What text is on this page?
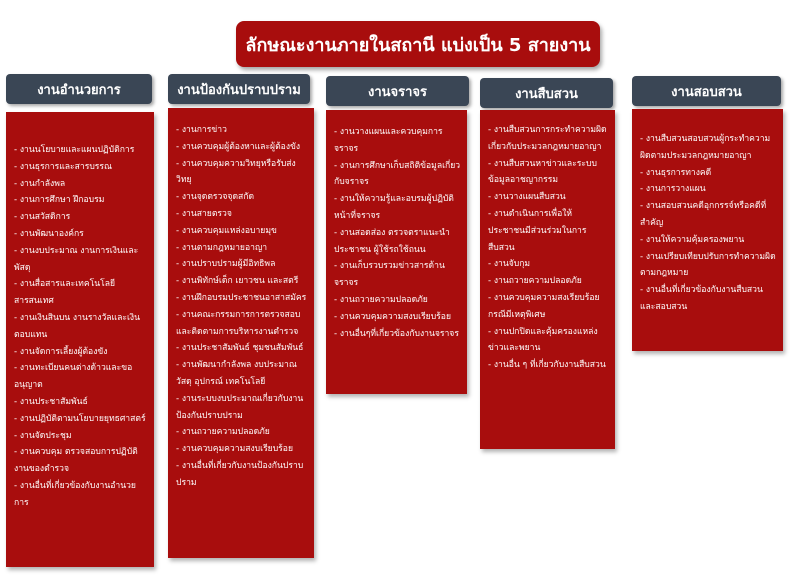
ลักษณะงานภายในสถานี แบ่งเป็น 5 สายงาน
งานอำนวยการ
- งานนโยบายและแผนปฏิบัติการ
- งานธุรการและสารบรรณ
- งานกำลังพล
- งานการศึกษา ฝึกอบรม
- งานสวัสดิการ
- งานพัฒนาองค์กร
- งานงบประมาณ งานการเงินและพัสดุ
- งานสื่อสารและเทคโนโลยีสารสนเทศ
- งานเงินสินบน งานรางวัลและเงินตอบแทน
- งานจัดการเลี้ยงผู้ต้องขัง
- งานทะเบียนคนต่างด้าวและขออนุญาต
- งานประชาสัมพันธ์
- งานปฏิบัติตามนโยบายยุทธศาสตร์
- งานจัดประชุม
- งานควบคุม ตรวจสอบการปฏิบัติงานของตำรวจ
- งานอื่นที่เกี่ยวข้องกับงานอำนวยการ
งานป้องกันปราบปราม
- งานการข่าว
- งานควบคุมผู้ต้องหาและผู้ต้องขัง
- งานควบคุมความวิทยุหรือรับส่งวิทยุ
- งานจุดตรวจจุดสกัด
- งานสายตรวจ
- งานควบคุมแหล่งอบายมุข
- งานตามกฎหมายอาญา
- งานปราบปรามผู้มีอิทธิพล
- งานพิทักษ์เด็ก เยาวชน และสตรี
- งานฝึกอบรมประชาชนอาสาสมัคร
- งานคณะกรรมการการตรวจสอบและติดตามการบริหารงานตำรวจ
- งานประชาสัมพันธ์ ชุมชนสัมพันธ์
- งานพัฒนากำลังพล งบประมาณวัสดุ อุปกรณ์ เทคโนโลยี
- งานระบบงบประมาณเกี่ยวกับงานป้องกันปราบปราม
- งานถวายความปลอดภัย
- งานควบคุมความสงบเรียบร้อย
- งานอื่นที่เกี่ยวกับงานป้องกันปราบปราม
งานจราจร
- งานวางแผนและควบคุมการจราจร
- งานการศึกษาเก็บสถิติข้อมูลเกี่ยวกับจราจร
- งานให้ความรู้และอบรมผู้ปฏิบัติหน้าที่จราจร
- งานสอดส่อง ตรวจตราแนะนำประชาชน ผู้ใช้รถใช้ถนน
- งานเก็บรวบรวมข่าวสารด้านจราจร
- งานถวายความปลอดภัย
- งานควบคุมความสงบเรียบร้อย
- งานอื่นๆที่เกี่ยวข้องกับงานจราจร
งานสืบสวน
- งานสืบสวนการกระทำความผิดเกี่ยวกับประมวลกฎหมายอาญา
- งานสืบสวนหาข่าวและระบบข้อมูลอาชญากรรม
- งานวางแผนสืบสวน
- งานดำเนินการเพื่อให้ประชาชนมีส่วนร่วมในการสืบสวน
- งานจับกุม
- งานถวายความปลอดภัย
- งานควบคุมความสงเรียบร้อยกรณีมีเหตุพิเศษ
- งานปกปิดและคุ้มครองแหล่งข่าวและพยาน
- งานอื่น ๆ ที่เกี่ยวกับงานสืบสวน
งานสอบสวน
- งานสืบสวนสอบสวนผู้กระทำความผิดตามประมวลกฎหมายอาญา
- งานธุรการทางคดี
- งานการวางแผน
- งานสอบสวนคดีอุกกรรจ์หรือคดีที่สำคัญ
- งานให้ความคุ้มครองพยาน
- งานเปรียบเทียบปรับการทำความผิดตามกฎหมาย
- งานอื่นที่เกี่ยวข้องกับงานสืบสวนและสอบสวน
